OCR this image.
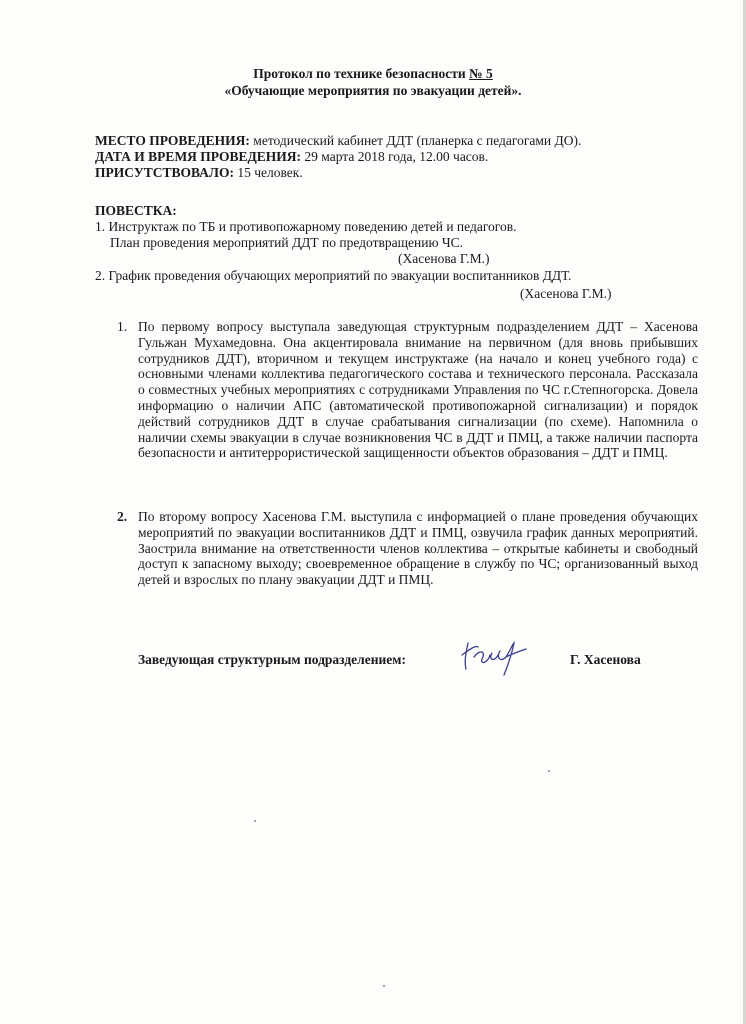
Протокол по технике безопасности № 5
«Обучающие мероприятия по эвакуации детей».
МЕСТО ПРОВЕДЕНИЯ: методический кабинет ДДТ (планерка с педагогами ДО).
ДАТА И ВРЕМЯ ПРОВЕДЕНИЯ: 29 марта 2018 года, 12.00 часов.
ПРИСУТСТВОВАЛО: 15 человек.
ПОВЕСТКА:
1. Инструктаж по ТБ и противопожарному поведению детей и педагогов.
План проведения мероприятий ДДТ по предотвращению ЧС.
(Хасенова Г.М.)
2. График проведения обучающих мероприятий по эвакуации воспитанников ДДТ.
(Хасенова Г.М.)
1. По первому вопросу выступала заведующая структурным подразделением ДДТ – Хасенова Гульжан Мухамедовна. Она акцентировала внимание на первичном (для вновь прибывших сотрудников ДДТ), вторичном и текущем инструктаже (на начало и конец учебного года) с основными членами коллектива педагогического состава и технического персонала. Рассказала о совместных учебных мероприятиях с сотрудниками Управления по ЧС г.Степногорска. Довела информацию о наличии АПС (автоматической противопожарной сигнализации) и порядок действий сотрудников ДДТ в случае срабатывания сигнализации (по схеме). Напомнила о наличии схемы эвакуации в случае возникновения ЧС в ДДТ и ПМЦ, а также наличии паспорта безопасности и антитеррористической защищенности объектов образования – ДДТ и ПМЦ.
2. По второму вопросу Хасенова Г.М. выступила с информацией о плане проведения обучающих мероприятий по эвакуации воспитанников ДДТ и ПМЦ, озвучила график данных мероприятий. Заострила внимание на ответственности членов коллектива – открытые кабинеты и свободный доступ к запасному выходу; своевременное обращение в службу по ЧС; организованный выход детей и взрослых по плану эвакуации ДДТ и ПМЦ.
Заведующая структурным подразделением:	Г. Хасенова
